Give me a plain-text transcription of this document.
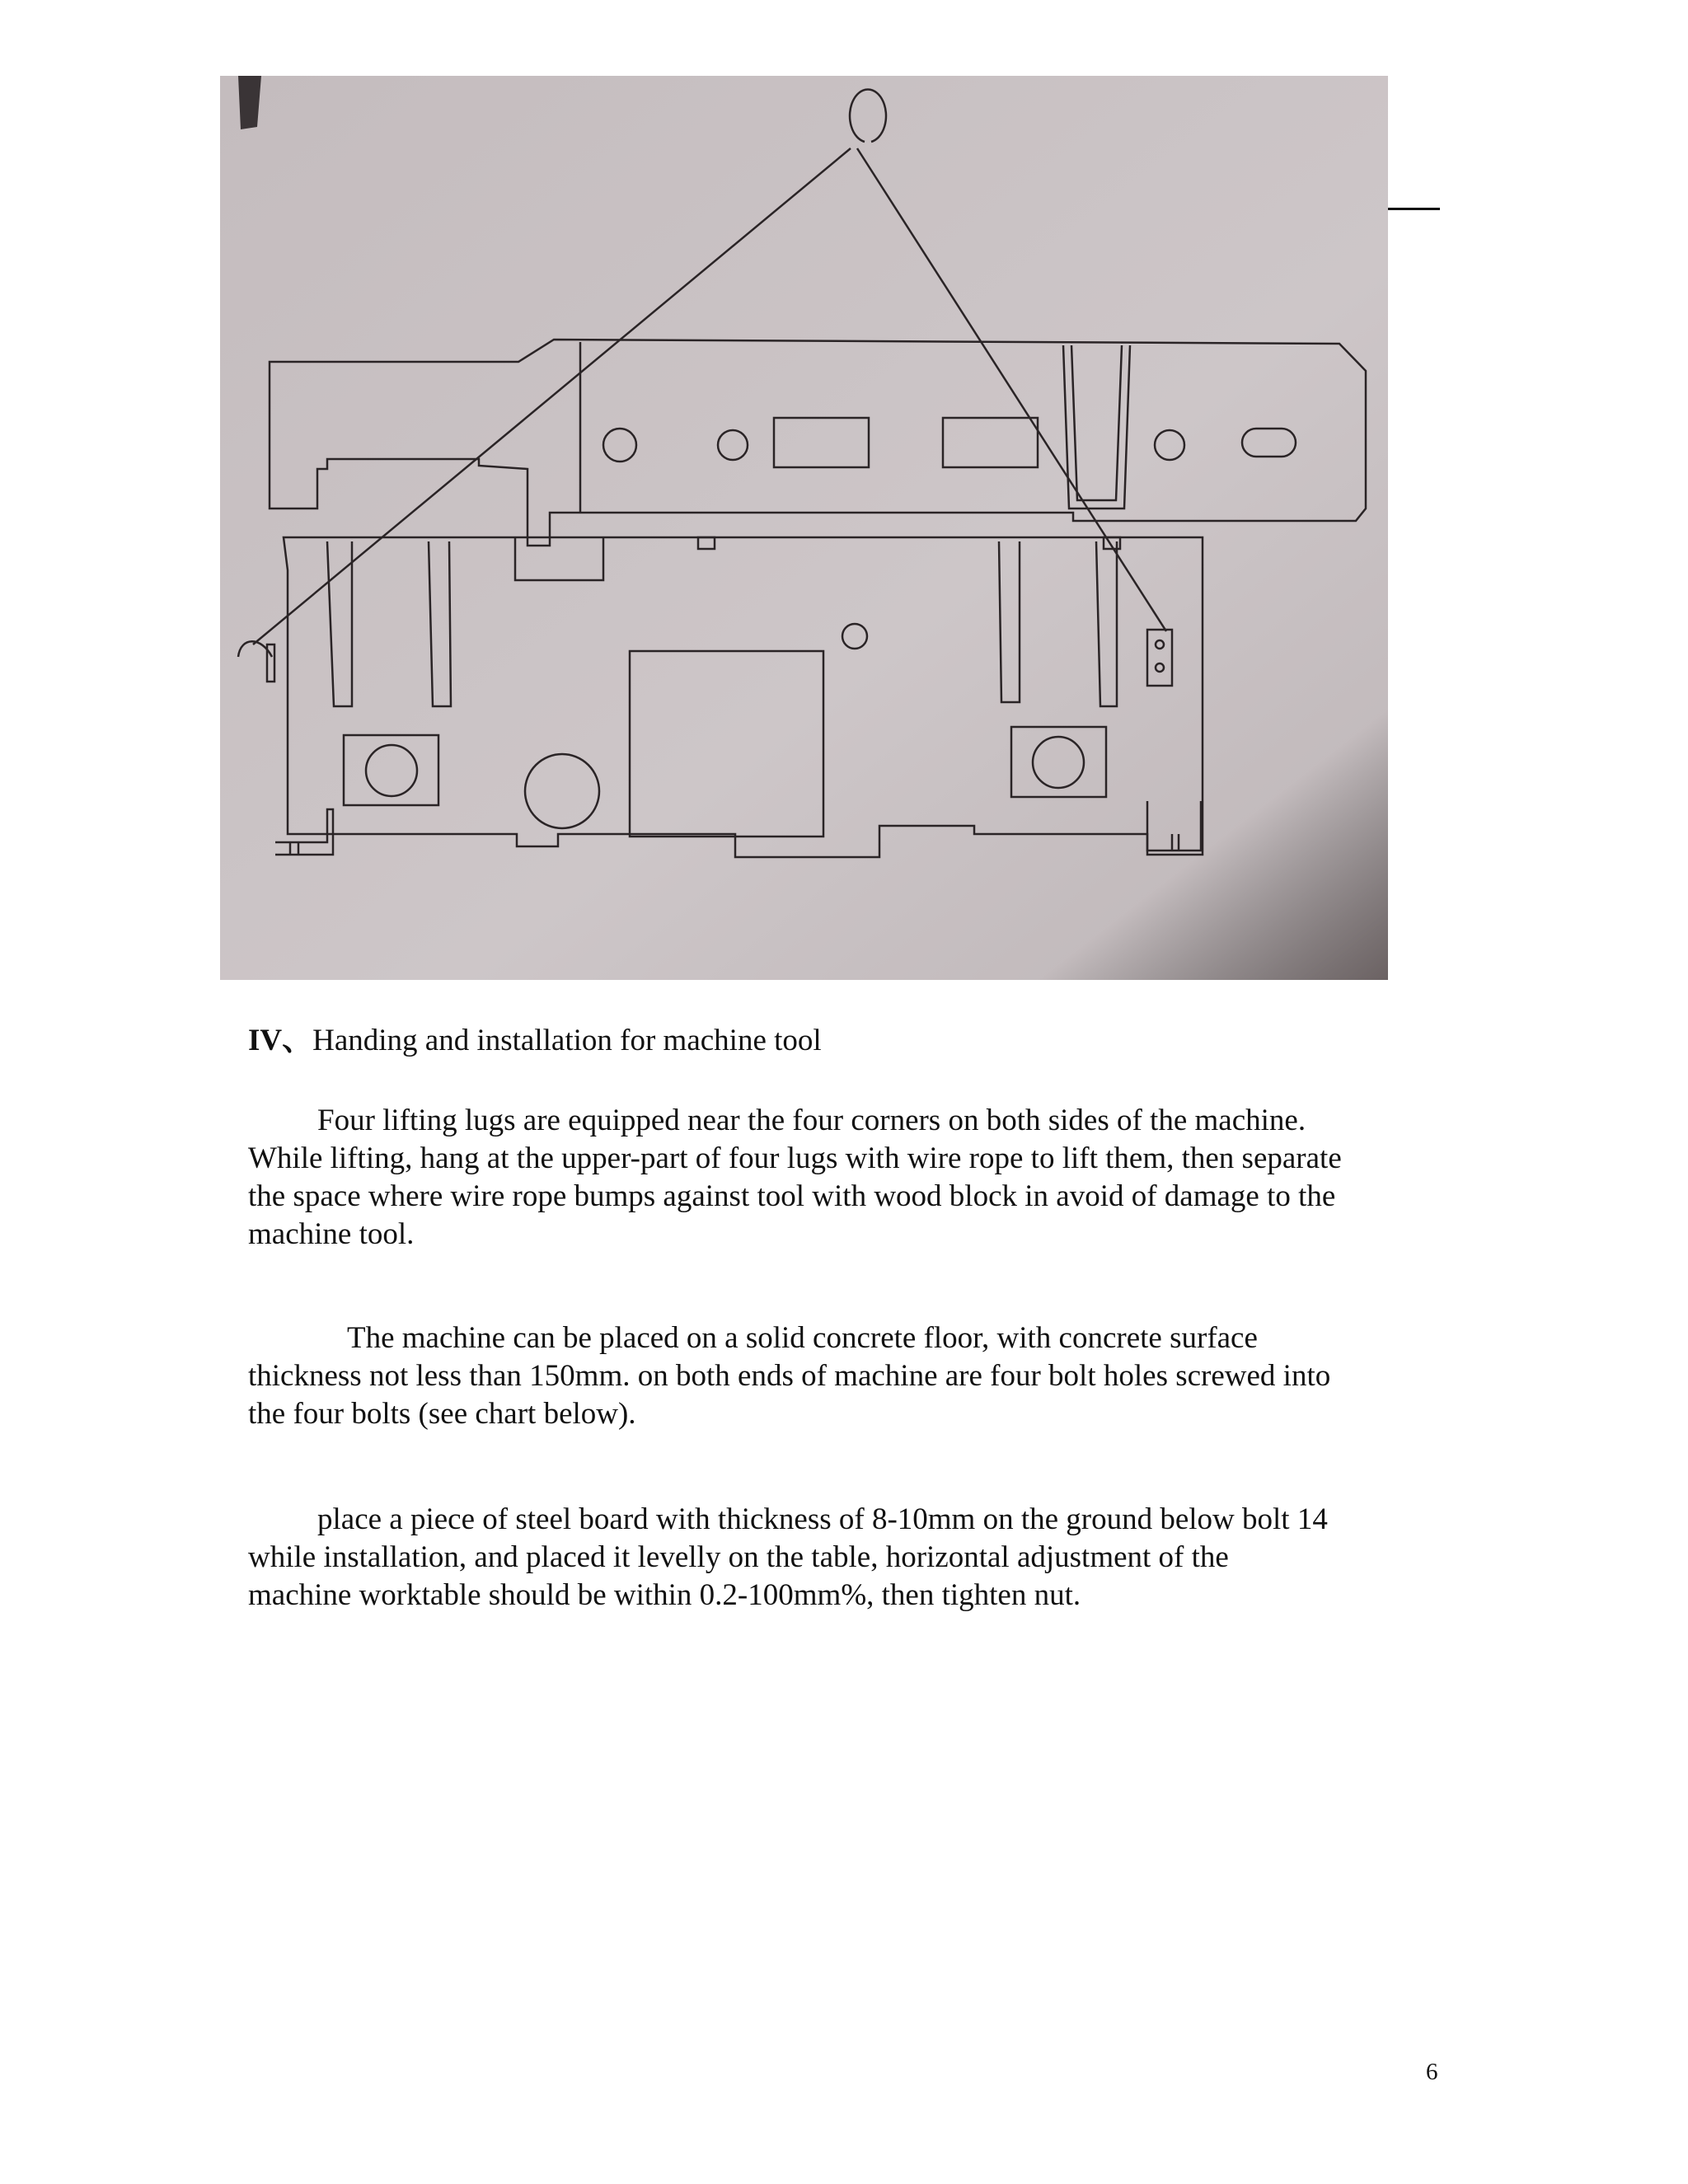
IV、Handing and installation for machine tool

Four lifting lugs are equipped near the four corners on both sides of the machine.
While lifting, hang at the upper-part of four lugs with wire rope to lift them, then separate
the space where wire rope bumps against tool with wood block in avoid of damage to the
machine tool.

The machine can be placed on a solid concrete floor, with concrete surface
thickness not less than 150mm. on both ends of machine are four bolt holes screwed into
the four bolts (see chart below).

place a piece of steel board with thickness of 8-10mm on the ground below bolt 14
while installation, and placed it levelly on the table, horizontal adjustment of the
machine worktable should be within 0.2-100mm%, then tighten nut.

6
